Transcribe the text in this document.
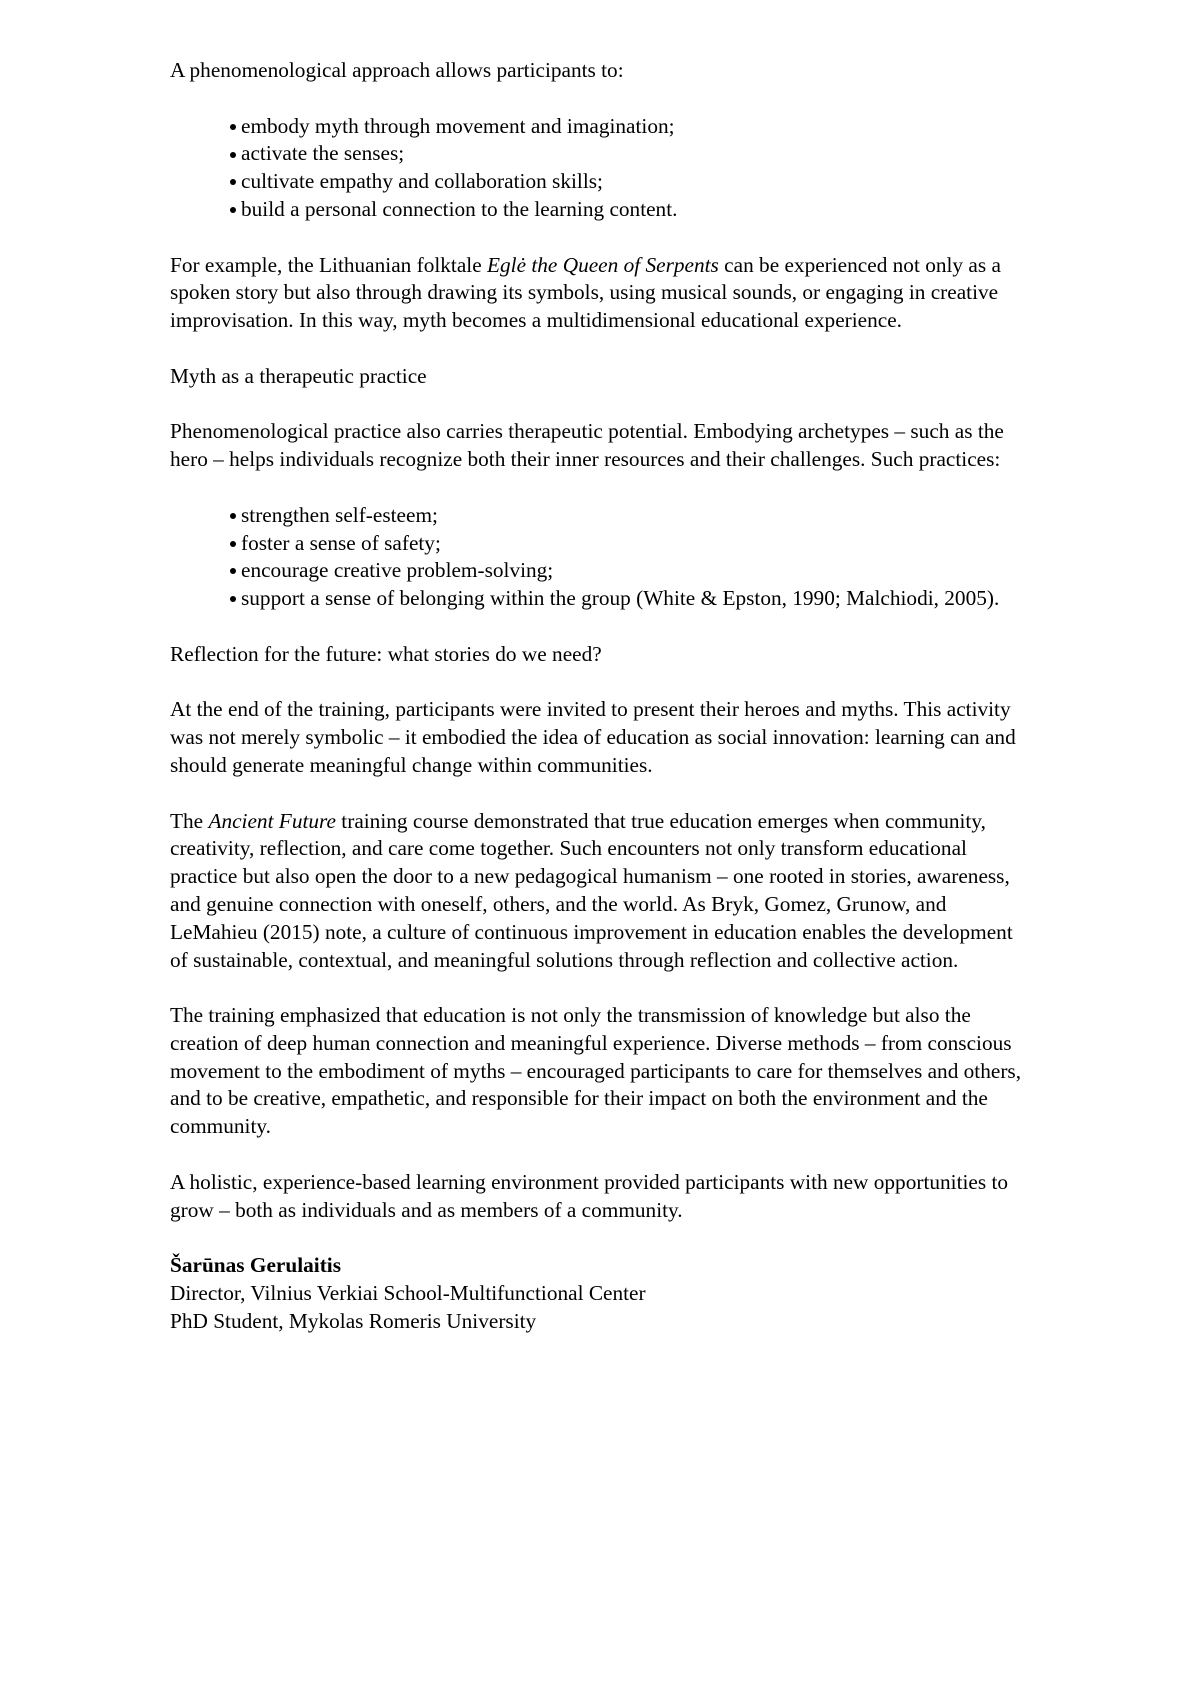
A phenomenological approach allows participants to:

embody myth through movement and imagination;
activate the senses;
cultivate empathy and collaboration skills;
build a personal connection to the learning content.

For example, the Lithuanian folktale Eglė the Queen of Serpents can be experienced not only as a
spoken story but also through drawing its symbols, using musical sounds, or engaging in creative
improvisation. In this way, myth becomes a multidimensional educational experience.

Myth as a therapeutic practice

Phenomenological practice also carries therapeutic potential. Embodying archetypes – such as the
hero – helps individuals recognize both their inner resources and their challenges. Such practices:

strengthen self-esteem;
foster a sense of safety;
encourage creative problem-solving;
support a sense of belonging within the group (White & Epston, 1990; Malchiodi, 2005).

Reflection for the future: what stories do we need?

At the end of the training, participants were invited to present their heroes and myths. This activity
was not merely symbolic – it embodied the idea of education as social innovation: learning can and
should generate meaningful change within communities.

The Ancient Future training course demonstrated that true education emerges when community,
creativity, reflection, and care come together. Such encounters not only transform educational
practice but also open the door to a new pedagogical humanism – one rooted in stories, awareness,
and genuine connection with oneself, others, and the world. As Bryk, Gomez, Grunow, and
LeMahieu (2015) note, a culture of continuous improvement in education enables the development
of sustainable, contextual, and meaningful solutions through reflection and collective action.

The training emphasized that education is not only the transmission of knowledge but also the
creation of deep human connection and meaningful experience. Diverse methods – from conscious
movement to the embodiment of myths – encouraged participants to care for themselves and others,
and to be creative, empathetic, and responsible for their impact on both the environment and the
community.

A holistic, experience-based learning environment provided participants with new opportunities to
grow – both as individuals and as members of a community.

Šarūnas Gerulaitis
Director, Vilnius Verkiai School-Multifunctional Center
PhD Student, Mykolas Romeris University
